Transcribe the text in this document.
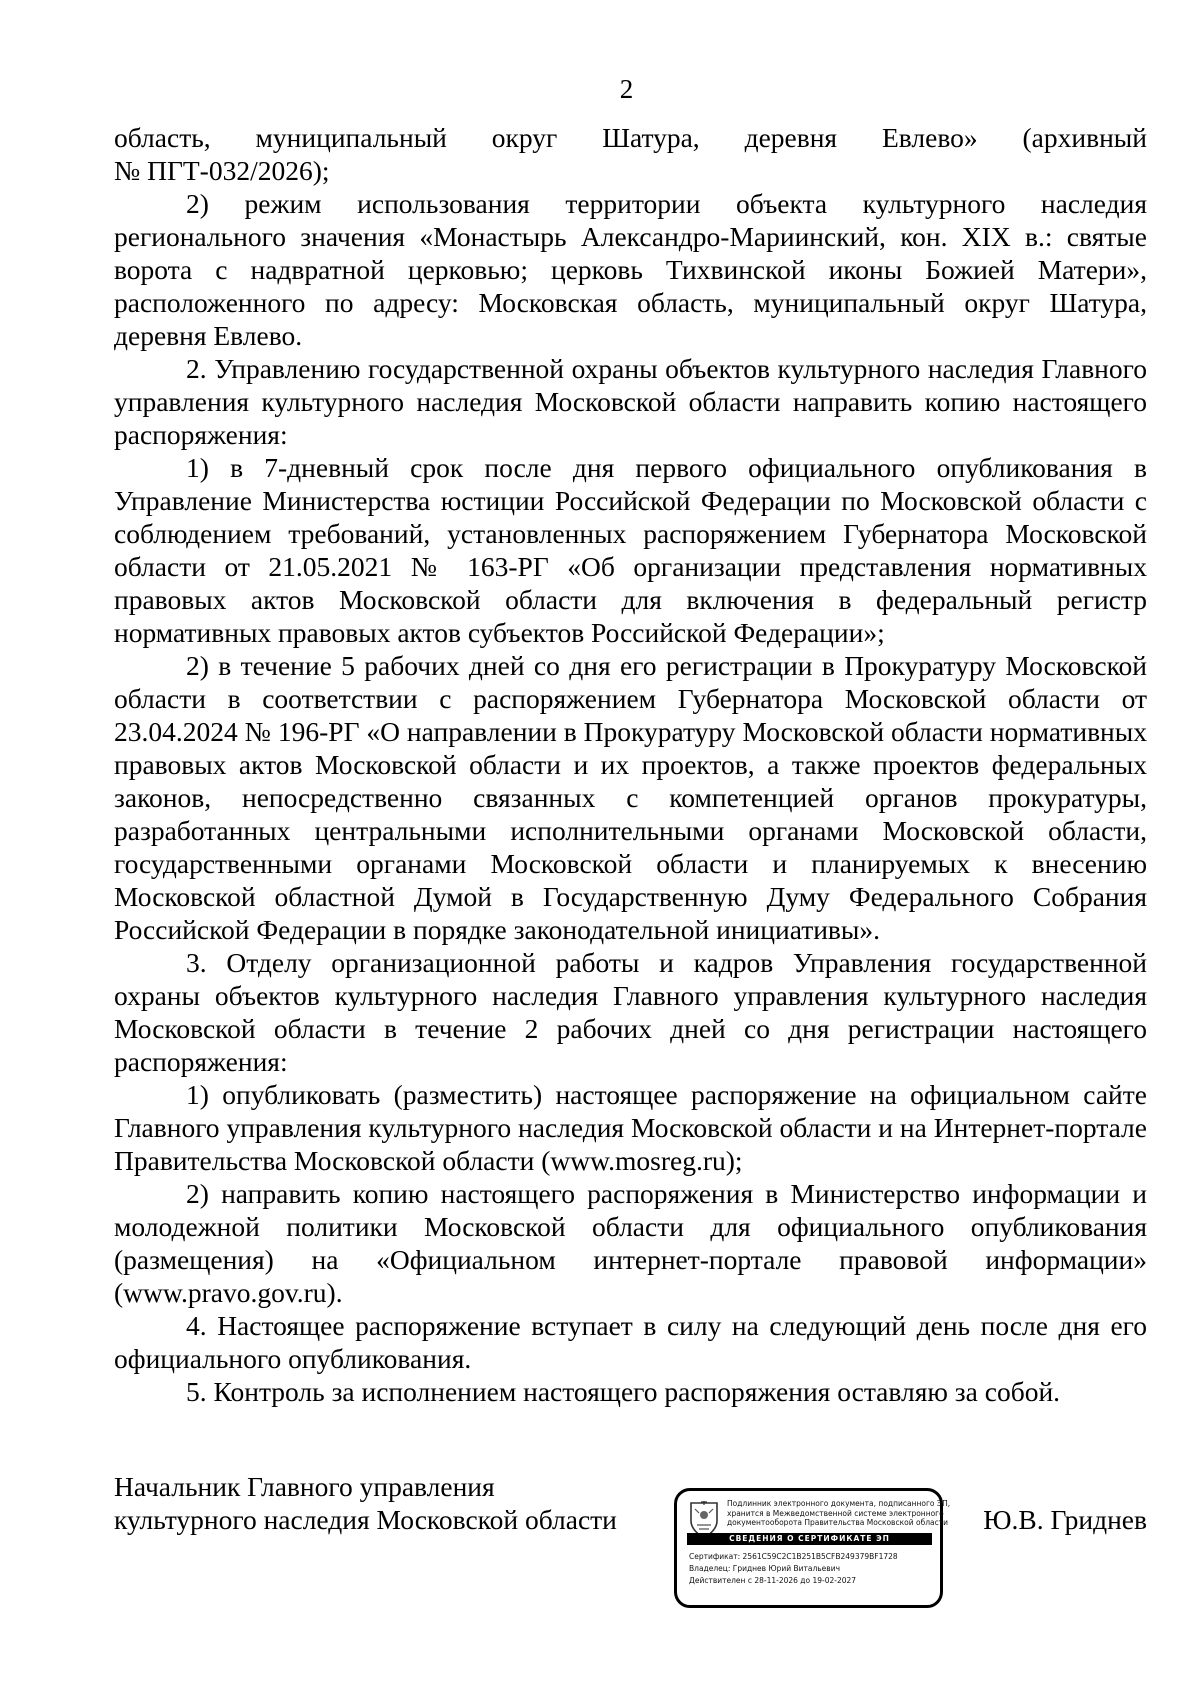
2

область, муниципальный округ Шатура, деревня Евлево» (архивный
№ ПГТ-032/2026);

2) режим использования территории объекта культурного наследия регионального значения «Монастырь Александро-Мариинский, кон. XIX в.: святые ворота с надвратной церковью; церковь Тихвинской иконы Божией Матери», расположенного по адресу: Московская область, муниципальный округ Шатура, деревня Евлево.

2. Управлению государственной охраны объектов культурного наследия Главного управления культурного наследия Московской области направить копию настоящего распоряжения:

1) в 7-дневный срок после дня первого официального опубликования в Управление Министерства юстиции Российской Федерации по Московской области с соблюдением требований, установленных распоряжением Губернатора Московской области от 21.05.2021 № 163-РГ «Об организации представления нормативных правовых актов Московской области для включения в федеральный регистр нормативных правовых актов субъектов Российской Федерации»;

2) в течение 5 рабочих дней со дня его регистрации в Прокуратуру Московской области в соответствии с распоряжением Губернатора Московской области от 23.04.2024 № 196-РГ «О направлении в Прокуратуру Московской области нормативных правовых актов Московской области и их проектов, а также проектов федеральных законов, непосредственно связанных с компетенцией органов прокуратуры, разработанных центральными исполнительными органами Московской области, государственными органами Московской области и планируемых к внесению Московской областной Думой в Государственную Думу Федерального Собрания Российской Федерации в порядке законодательной инициативы».

3. Отделу организационной работы и кадров Управления государственной охраны объектов культурного наследия Главного управления культурного наследия Московской области в течение 2 рабочих дней со дня регистрации настоящего распоряжения:

1) опубликовать (разместить) настоящее распоряжение на официальном сайте Главного управления культурного наследия Московской области и на Интернет-портале Правительства Московской области (www.mosreg.ru);

2) направить копию настоящего распоряжения в Министерство информации и молодежной политики Московской области для официального опубликования (размещения) на «Официальном интернет-портале правовой информации» (www.pravo.gov.ru).

4. Настоящее распоряжение вступает в силу на следующий день после дня его официального опубликования.

5. Контроль за исполнением настоящего распоряжения оставляю за собой.

Начальник Главного управления
культурного наследия Московской области
Подлинник электронного документа, подписанного ЭП,
хранится в Межведомственной системе электронного
документооборота Правительства Московской области
СВЕДЕНИЯ О СЕРТИФИКАТЕ ЭП
Сертификат: 2561C59C2C1B251B5CFB249379BF1728
Владелец: Гриднев Юрий Витальевич
Действителен с 28-11-2026 до 19-02-2027
Ю.В. Гриднев
